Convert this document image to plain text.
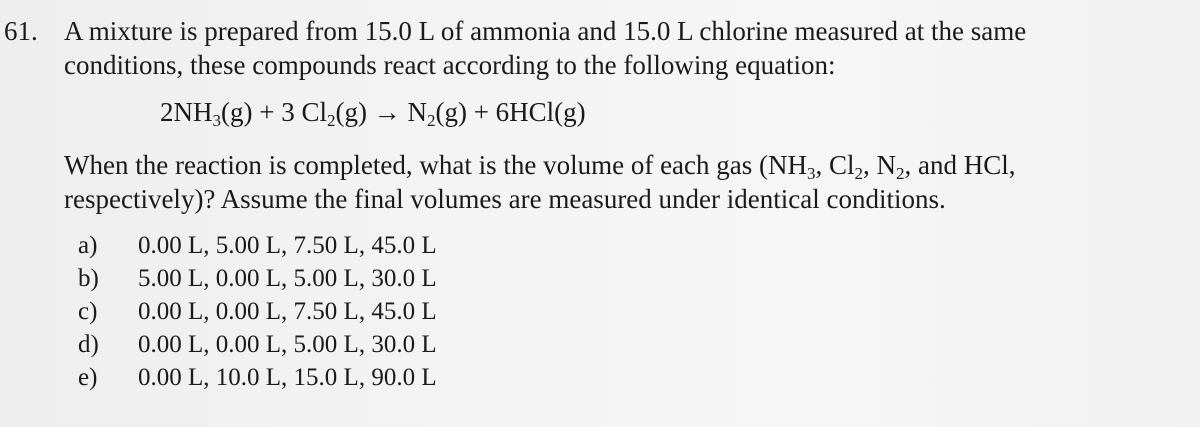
61. A mixture is prepared from 15.0 L of ammonia and 15.0 L chlorine measured at the same
conditions, these compounds react according to the following equation:
$2NH_3(g) + 3$ $Cl_2(g) \to N_2(g) + 6HCl(g)$
When the reaction is completed, what is the volume of each gas ($NH_3$, $Cl_2$, $N_2$, and HCl,
respectively)? Assume the final volumes are measured under identical conditions.
a) 0.00 L, 5.00 L, 7.50 L, 45.0 L
b) 5.00 L, 0.00 L, 5.00 L, 30.0 L
c) 0.00 L, 0.00 L, 7.50 L, 45.0 L
d) 0.00 L, 0.00 L, 5.00 L, 30.0 L
e) 0.00 L, 10.0 L, 15.0 L, 90.0 L
